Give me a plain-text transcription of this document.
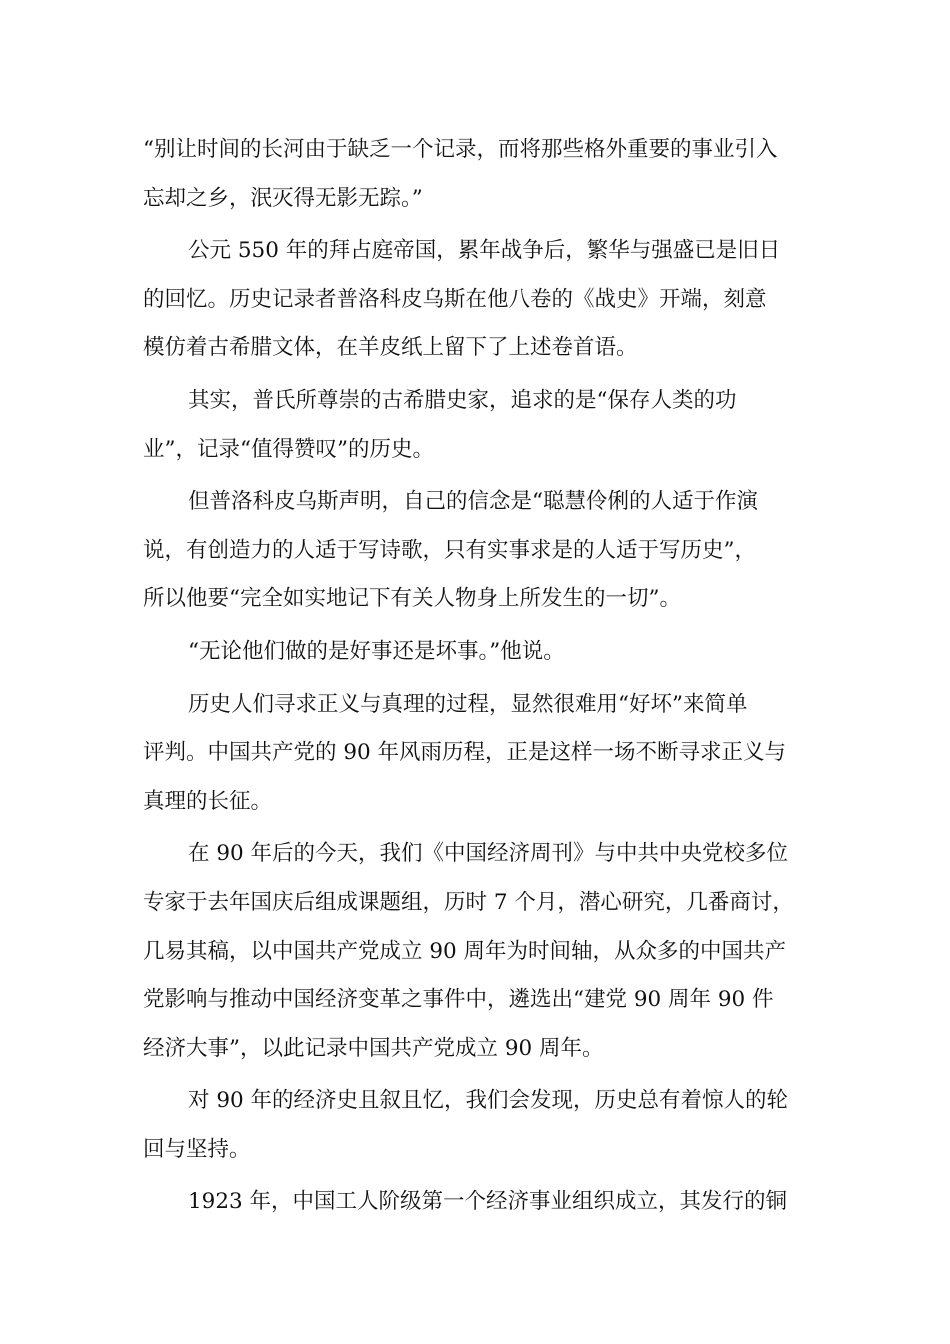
“别让时间的长河由于缺乏一个记录，而将那些格外重要的事业引入
忘却之乡，泯灭得无影无踪。”
公元 550 年的拜占庭帝国，累年战争后，繁华与强盛已是旧日
的回忆。历史记录者普洛科皮乌斯在他八卷的《战史》开端，刻意
模仿着古希腊文体，在羊皮纸上留下了上述卷首语。
其实，普氏所尊崇的古希腊史家，追求的是“保存人类的功
业”，记录“值得赞叹”的历史。
但普洛科皮乌斯声明，自己的信念是“聪慧伶俐的人适于作演
说，有创造力的人适于写诗歌，只有实事求是的人适于写历史”，
所以他要“完全如实地记下有关人物身上所发生的一切”。
“无论他们做的是好事还是坏事。”他说。
历史人们寻求正义与真理的过程，显然很难用“好坏”来简单
评判。中国共产党的 90 年风雨历程，正是这样一场不断寻求正义与
真理的长征。
在 90 年后的今天，我们《中国经济周刊》与中共中央党校多位
专家于去年国庆后组成课题组，历时 7 个月，潜心研究，几番商讨，
几易其稿，以中国共产党成立 90 周年为时间轴，从众多的中国共产
党影响与推动中国经济变革之事件中，遴选出“建党 90 周年 90 件
经济大事”，以此记录中国共产党成立 90 周年。
对 90 年的经济史且叙且忆，我们会发现，历史总有着惊人的轮
回与坚持。
1923 年，中国工人阶级第一个经济事业组织成立，其发行的铜
